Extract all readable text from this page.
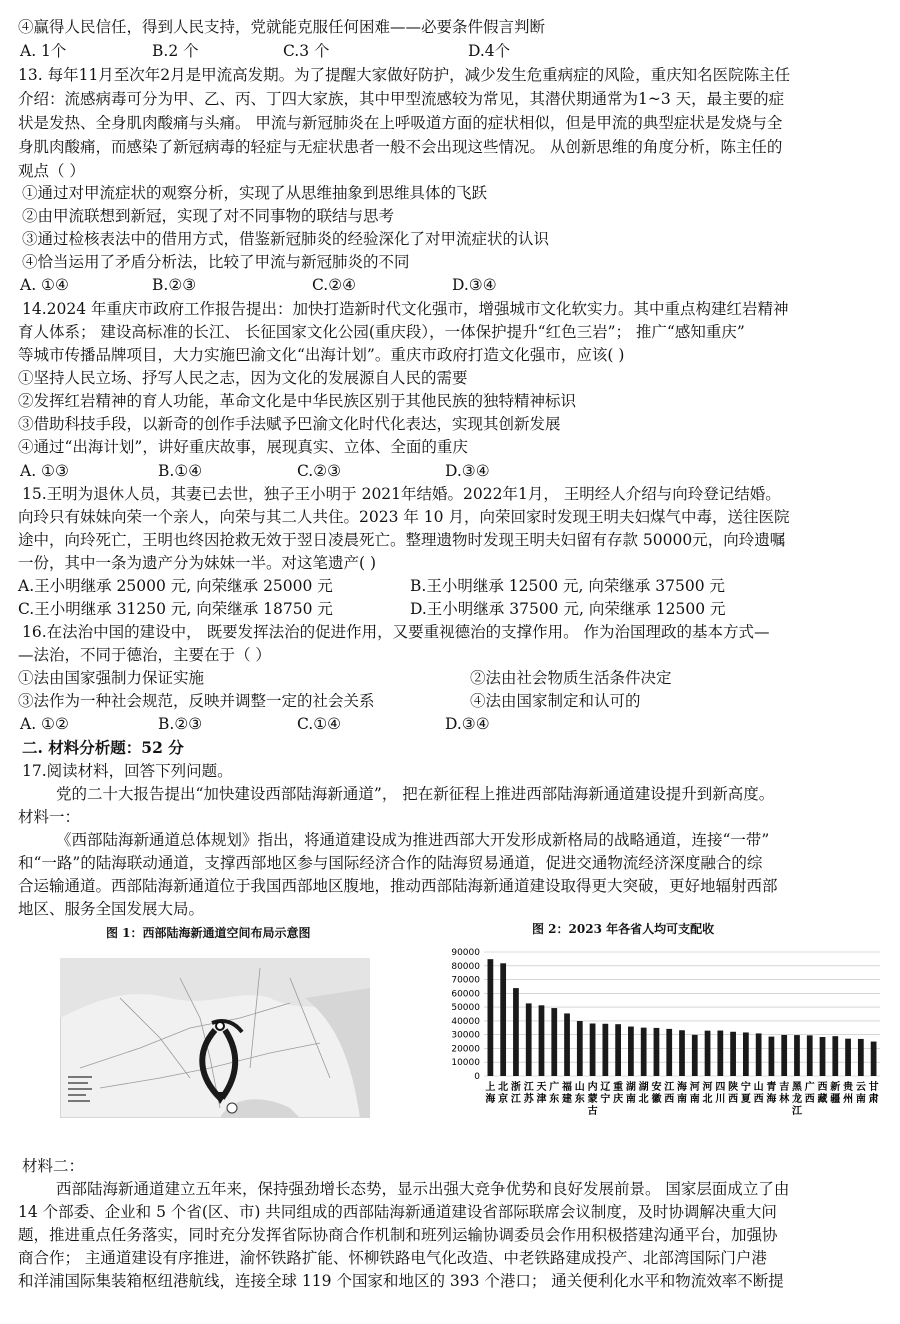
④赢得人民信任，得到人民支持，党就能克服任何困难——必要条件假言判断
A. 1个	B.2 个	C.3 个	D.4个
13. 每年11月至次年2月是甲流高发期。为了提醒大家做好防护，减少发生危重病症的风险，重庆知名医院陈主任
介绍：流感病毒可分为甲、乙、丙、丁四大家族，其中甲型流感较为常见，其潜伏期通常为1~3 天，最主要的症
状是发热、全身肌肉酸痛与头痛。 甲流与新冠肺炎在上呼吸道方面的症状相似，但是甲流的典型症状是发烧与全
身肌肉酸痛，而感染了新冠病毒的轻症与无症状患者一般不会出现这些情况。 从创新思维的角度分析，陈主任的
观点（ ）
①通过对甲流症状的观察分析，实现了从思维抽象到思维具体的飞跃
②由甲流联想到新冠，实现了对不同事物的联结与思考
③通过检核表法中的借用方式，借鉴新冠肺炎的经验深化了对甲流症状的认识
④恰当运用了矛盾分析法，比较了甲流与新冠肺炎的不同
A. ①④	B.②③	C.②④	D.③④
14.2024 年重庆市政府工作报告提出：加快打造新时代文化强市，增强城市文化软实力。其中重点构建红岩精神
育人体系； 建设高标准的长江、 长征国家文化公园(重庆段），一体保护提升“红色三岩”； 推广“感知重庆”
等城市传播品牌项目，大力实施巴渝文化“出海计划”。重庆市政府打造文化强市，应该( )
①坚持人民立场、抒写人民之志，因为文化的发展源自人民的需要
②发挥红岩精神的育人功能，革命文化是中华民族区别于其他民族的独特精神标识
③借助科技手段，以新奇的创作手法赋予巴渝文化时代化表达，实现其创新发展
④通过“出海计划”，讲好重庆故事，展现真实、立体、全面的重庆
A. ①③	B.①④	C.②③	D.③④
15.王明为退休人员，其妻已去世，独子王小明于 2021年结婚。2022年1月， 王明经人介绍与向玲登记结婚。
向玲只有妹妹向荣一个亲人，向荣与其二人共住。2023 年 10 月，向荣回家时发现王明夫妇煤气中毒，送往医院
途中，向玲死亡，王明也终因抢救无效于翌日凌晨死亡。整理遗物时发现王明夫妇留有存款 50000元，向玲遗嘱
一份，其中一条为遗产分为妹妹一半。对这笔遗产( )
A.王小明继承 25000 元, 向荣继承 25000 元	B.王小明继承 12500 元, 向荣继承 37500 元
C.王小明继承 31250 元, 向荣继承 18750 元	D.王小明继承 37500 元, 向荣继承 12500 元
16.在法治中国的建设中， 既要发挥法治的促进作用，又要重视德治的支撑作用。 作为治国理政的基本方式—
—法治，不同于德治，主要在于（ ）
①法由国家强制力保证实施	②法由社会物质生活条件决定
③法作为一种社会规范，反映并调整一定的社会关系	④法由国家制定和认可的
A. ①②	B.②③	C.①④	D.③④
二. 材料分析题：52 分
17.阅读材料，回答下列问题。
党的二十大报告提出“加快建设西部陆海新通道”， 把在新征程上推进西部陆海新通道建设提升到新高度。
材料一：
《西部陆海新通道总体规划》指出，将通道建设成为推进西部大开发形成新格局的战略通道，连接“一带”
和“一路”的陆海联动通道，支撑西部地区参与国际经济合作的陆海贸易通道，促进交通物流经济深度融合的综
合运输通道。西部陆海新通道位于我国西部地区腹地，推动西部陆海新通道建设取得更大突破，更好地辐射西部
地区、服务全国发展大局。
图 1：西部陆海新通道空间布局示意图	图 2：2023 年各省人均可支配收
0
10000
20000
30000
40000
50000
60000
70000
80000
90000
上海
北京
浙江
江苏
天津
广东
福建
山东
内蒙古
辽宁
重庆
湖南
湖北
安徽
江西
海南
河南
河北
四川
陕西
宁夏
山西
青海
吉林
黑龙江
广西
西藏
新疆
贵州
云南
甘肃
材料二：
西部陆海新通道建立五年来，保持强劲增长态势，显示出强大竞争优势和良好发展前景。 国家层面成立了由
14 个部委、企业和 5 个省(区、市) 共同组成的西部陆海新通道建设省部际联席会议制度，及时协调解决重大问
题，推进重点任务落实，同时充分发挥省际协商合作机制和班列运输协调委员会作用积极搭建沟通平台，加强协
商合作； 主通道建设有序推进，渝怀铁路扩能、怀柳铁路电气化改造、中老铁路建成投产、北部湾国际门户港
和洋浦国际集装箱枢纽港航线，连接全球 119 个国家和地区的 393 个港口； 通关便利化水平和物流效率不断提
